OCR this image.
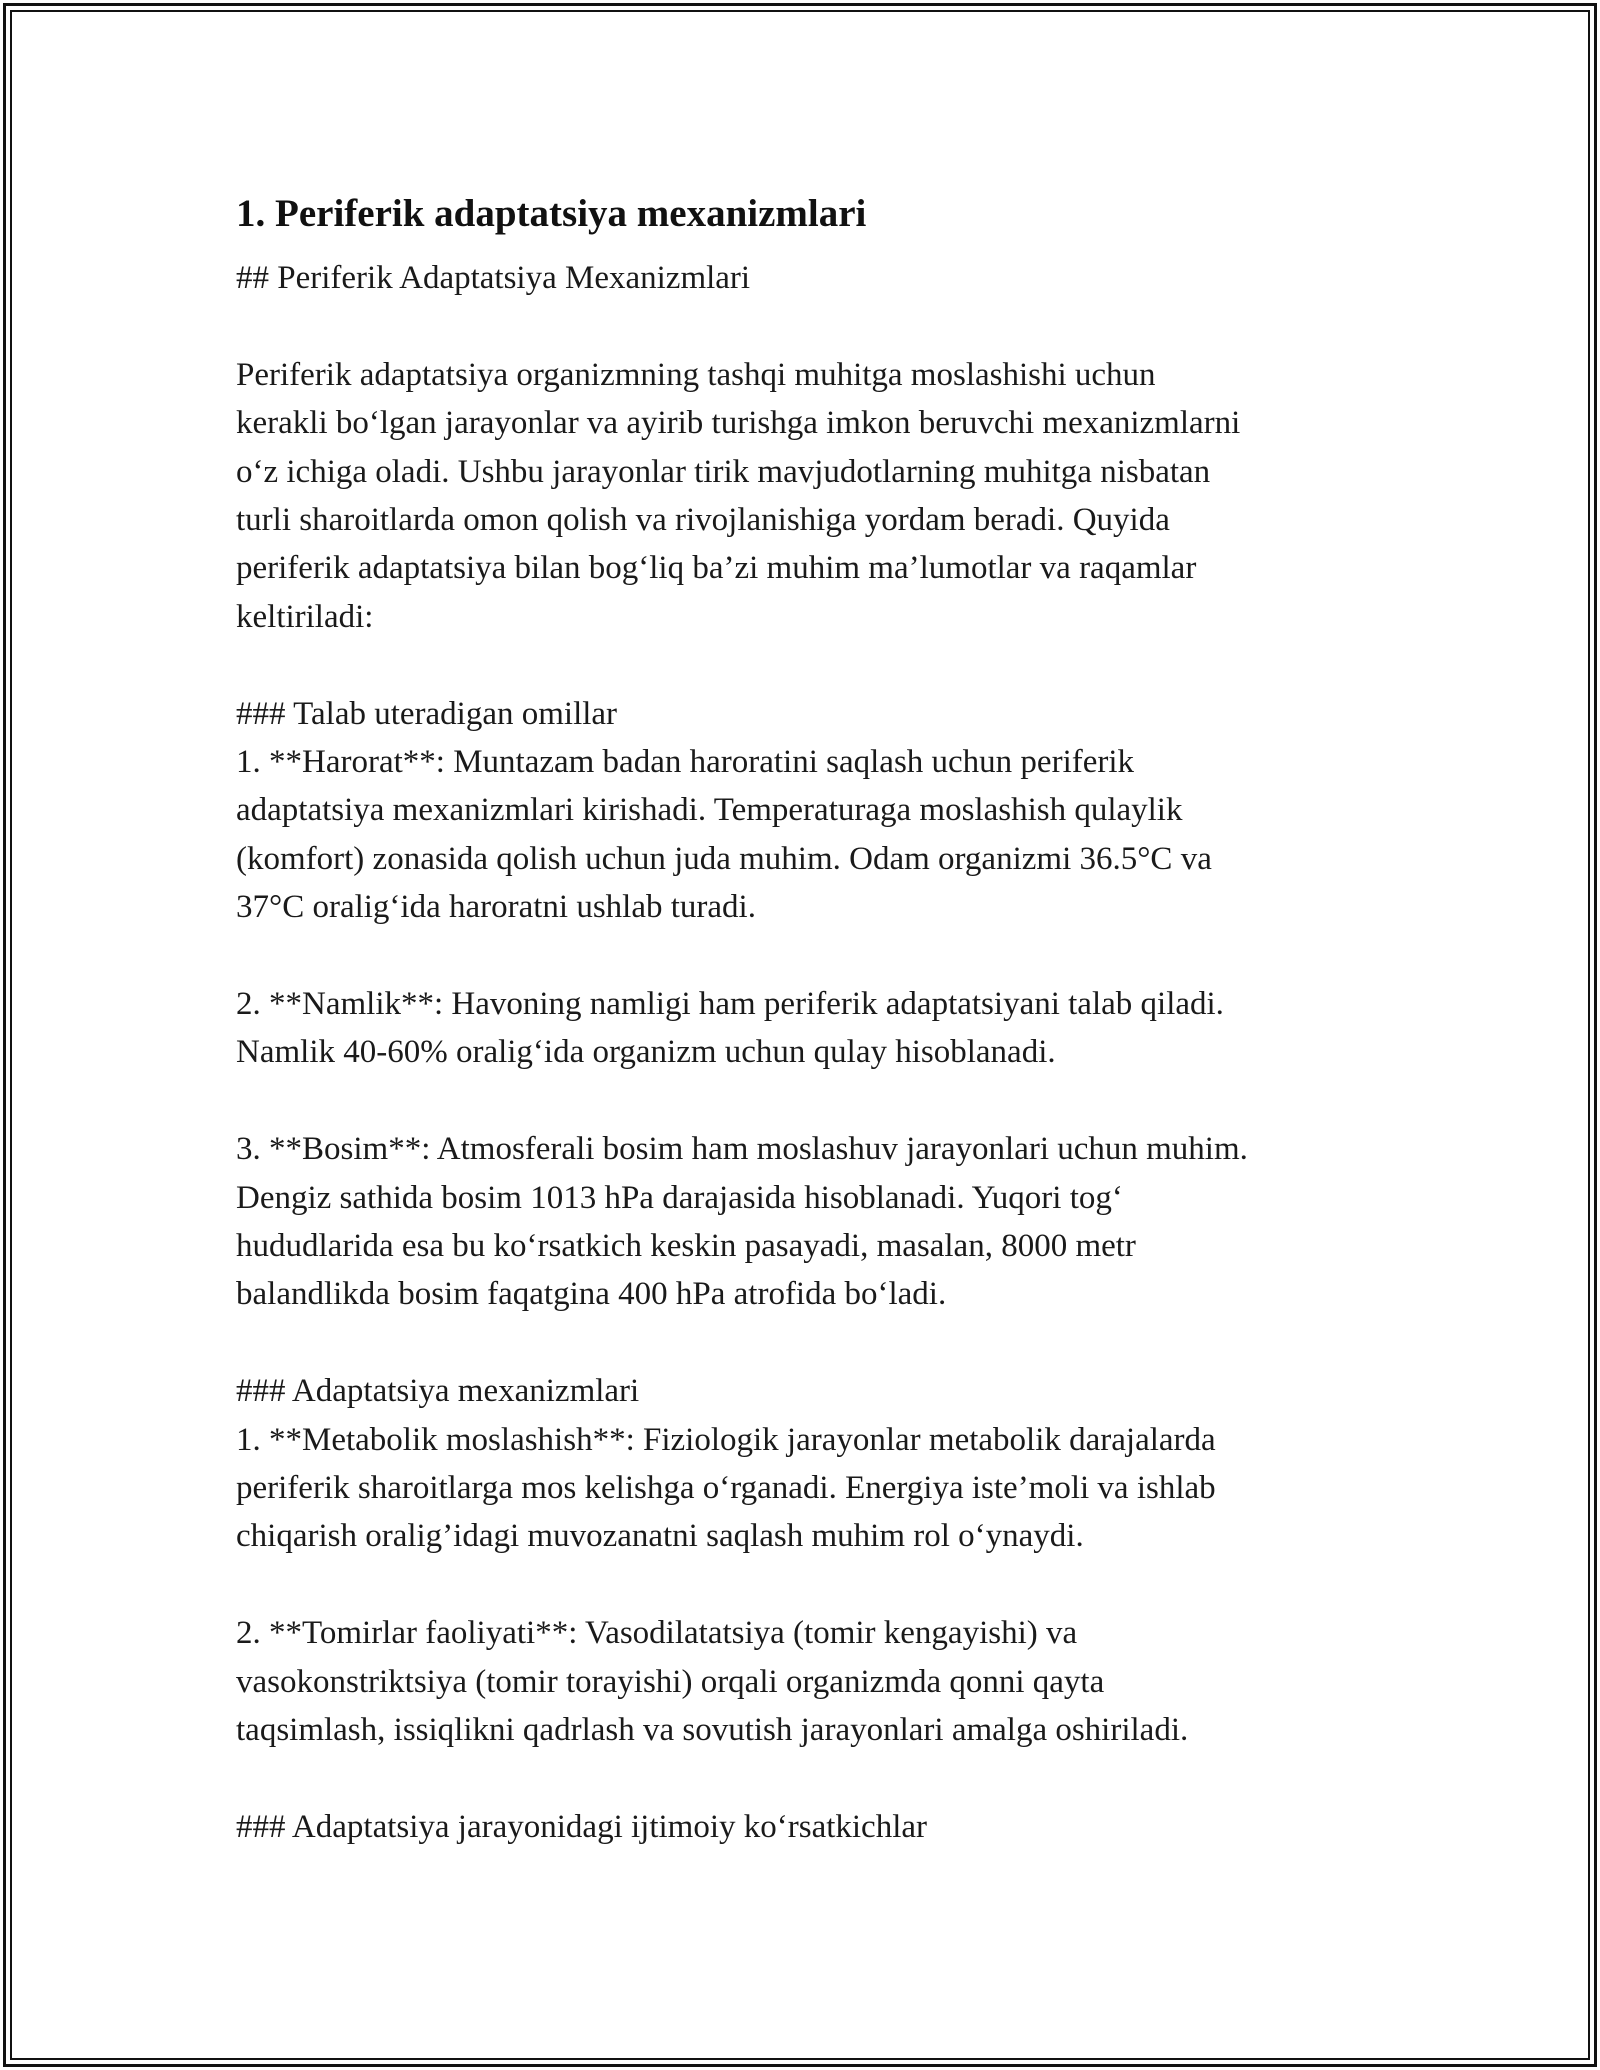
1. Periferik adaptatsiya mexanizmlari
## Periferik Adaptatsiya Mexanizmlari
Periferik adaptatsiya organizmning tashqi muhitga moslashishi uchun
kerakli bo‘lgan jarayonlar va ayirib turishga imkon beruvchi mexanizmlarni
o‘z ichiga oladi. Ushbu jarayonlar tirik mavjudotlarning muhitga nisbatan
turli sharoitlarda omon qolish va rivojlanishiga yordam beradi. Quyida
periferik adaptatsiya bilan bog‘liq ba’zi muhim ma’lumotlar va raqamlar
keltiriladi:
### Talab uteradigan omillar
1. **Harorat**: Muntazam badan haroratini saqlash uchun periferik
adaptatsiya mexanizmlari kirishadi. Temperaturaga moslashish qulaylik
(komfort) zonasida qolish uchun juda muhim. Odam organizmi 36.5°C va
37°C oralig‘ida haroratni ushlab turadi.
2. **Namlik**: Havoning namligi ham periferik adaptatsiyani talab qiladi.
Namlik 40-60% oralig‘ida organizm uchun qulay hisoblanadi.
3. **Bosim**: Atmosferali bosim ham moslashuv jarayonlari uchun muhim.
Dengiz sathida bosim 1013 hPa darajasida hisoblanadi. Yuqori tog‘
hududlarida esa bu ko‘rsatkich keskin pasayadi, masalan, 8000 metr
balandlikda bosim faqatgina 400 hPa atrofida bo‘ladi.
### Adaptatsiya mexanizmlari
1. **Metabolik moslashish**: Fiziologik jarayonlar metabolik darajalarda
periferik sharoitlarga mos kelishga o‘rganadi. Energiya iste’moli va ishlab
chiqarish oralig’idagi muvozanatni saqlash muhim rol o‘ynaydi.
2. **Tomirlar faoliyati**: Vasodilatatsiya (tomir kengayishi) va
vasokonstriktsiya (tomir torayishi) orqali organizmda qonni qayta
taqsimlash, issiqlikni qadrlash va sovutish jarayonlari amalga oshiriladi.
### Adaptatsiya jarayonidagi ijtimoiy ko‘rsatkichlar
